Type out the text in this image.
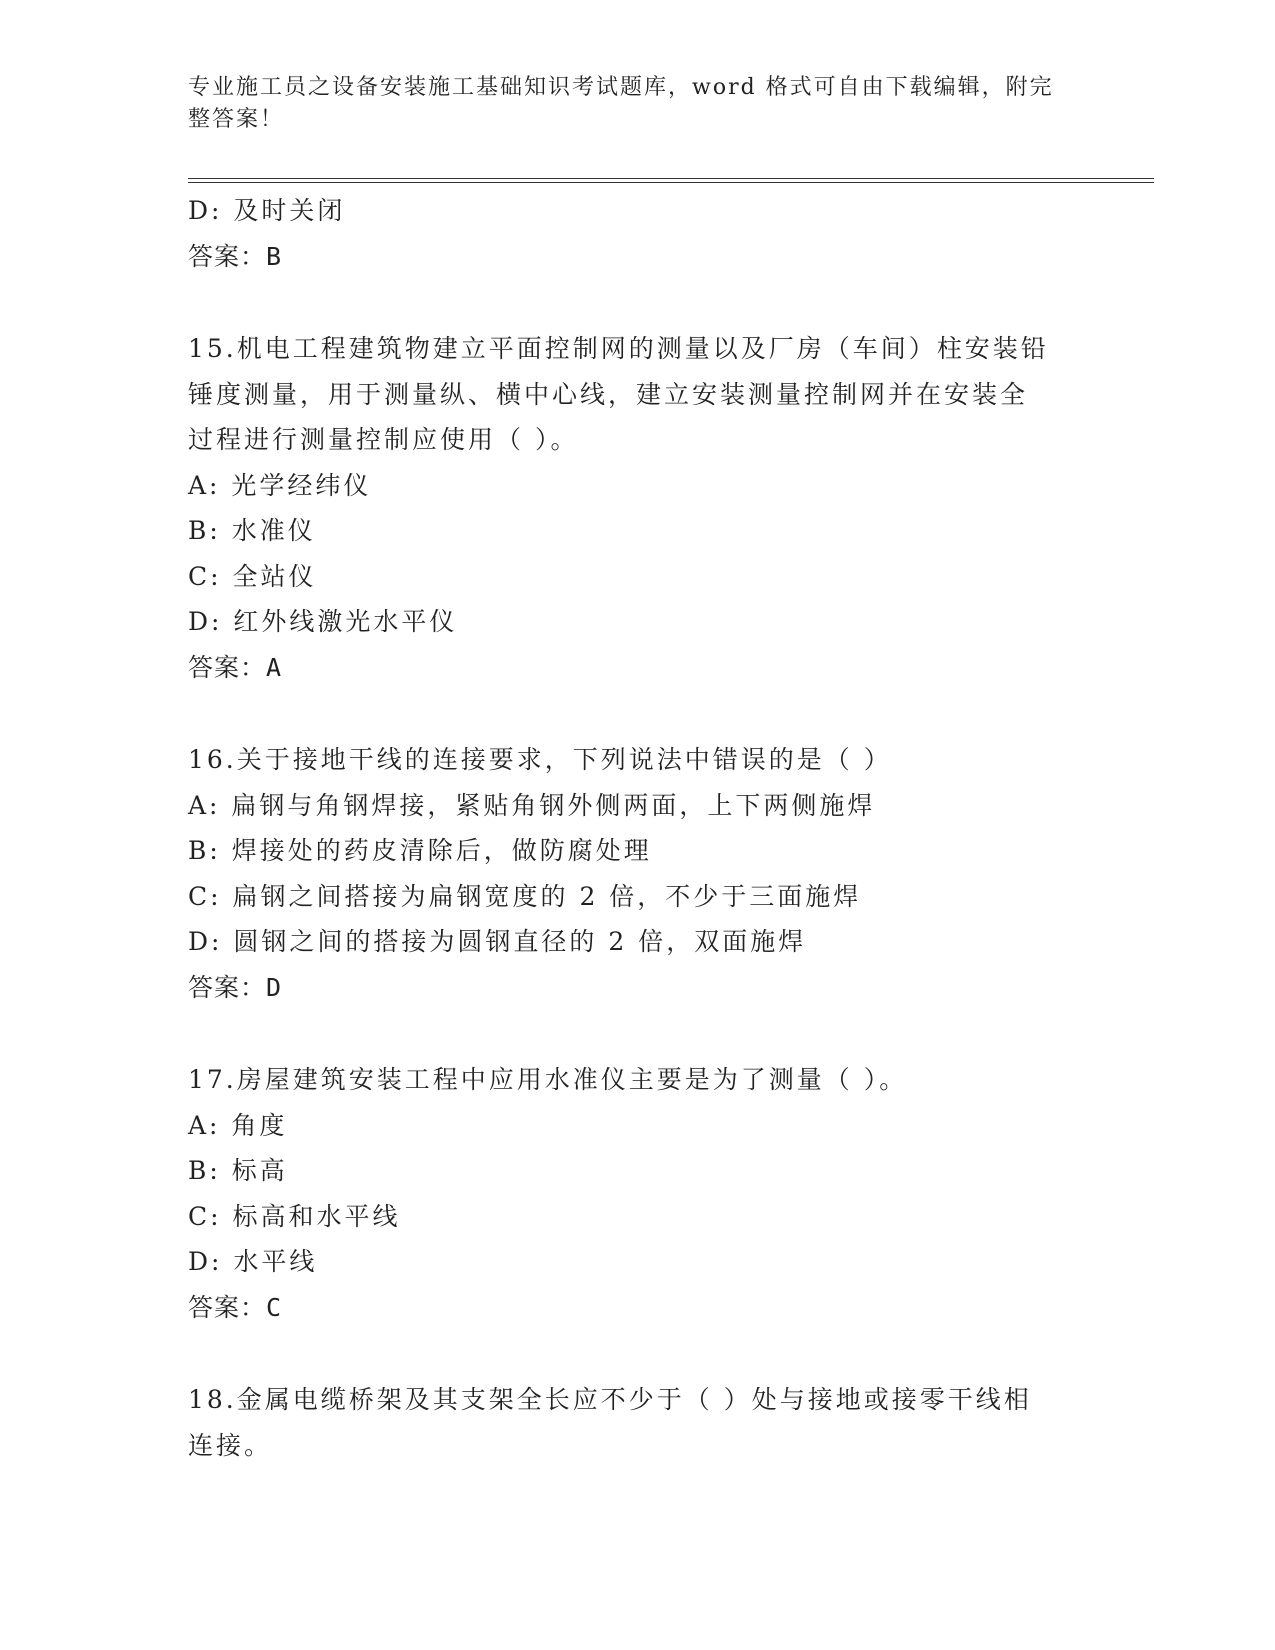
专业施工员之设备安装施工基础知识考试题库，word 格式可自由下载编辑，附完
整答案！
D: 及时关闭
答案：B
15.机电工程建筑物建立平面控制网的测量以及厂房（车间）柱安装铅
锤度测量，用于测量纵、横中心线，建立安装测量控制网并在安装全
过程进行测量控制应使用（ ）。
A: 光学经纬仪
B: 水准仪
C: 全站仪
D: 红外线激光水平仪
答案：A
16.关于接地干线的连接要求，下列说法中错误的是（ ）
A: 扁钢与角钢焊接，紧贴角钢外侧两面，上下两侧施焊
B: 焊接处的药皮清除后，做防腐处理
C: 扁钢之间搭接为扁钢宽度的 2 倍，不少于三面施焊
D: 圆钢之间的搭接为圆钢直径的 2 倍，双面施焊
答案：D
17.房屋建筑安装工程中应用水准仪主要是为了测量（ ）。
A: 角度
B: 标高
C: 标高和水平线
D: 水平线
答案：C
18.金属电缆桥架及其支架全长应不少于（ ）处与接地或接零干线相
连接。
